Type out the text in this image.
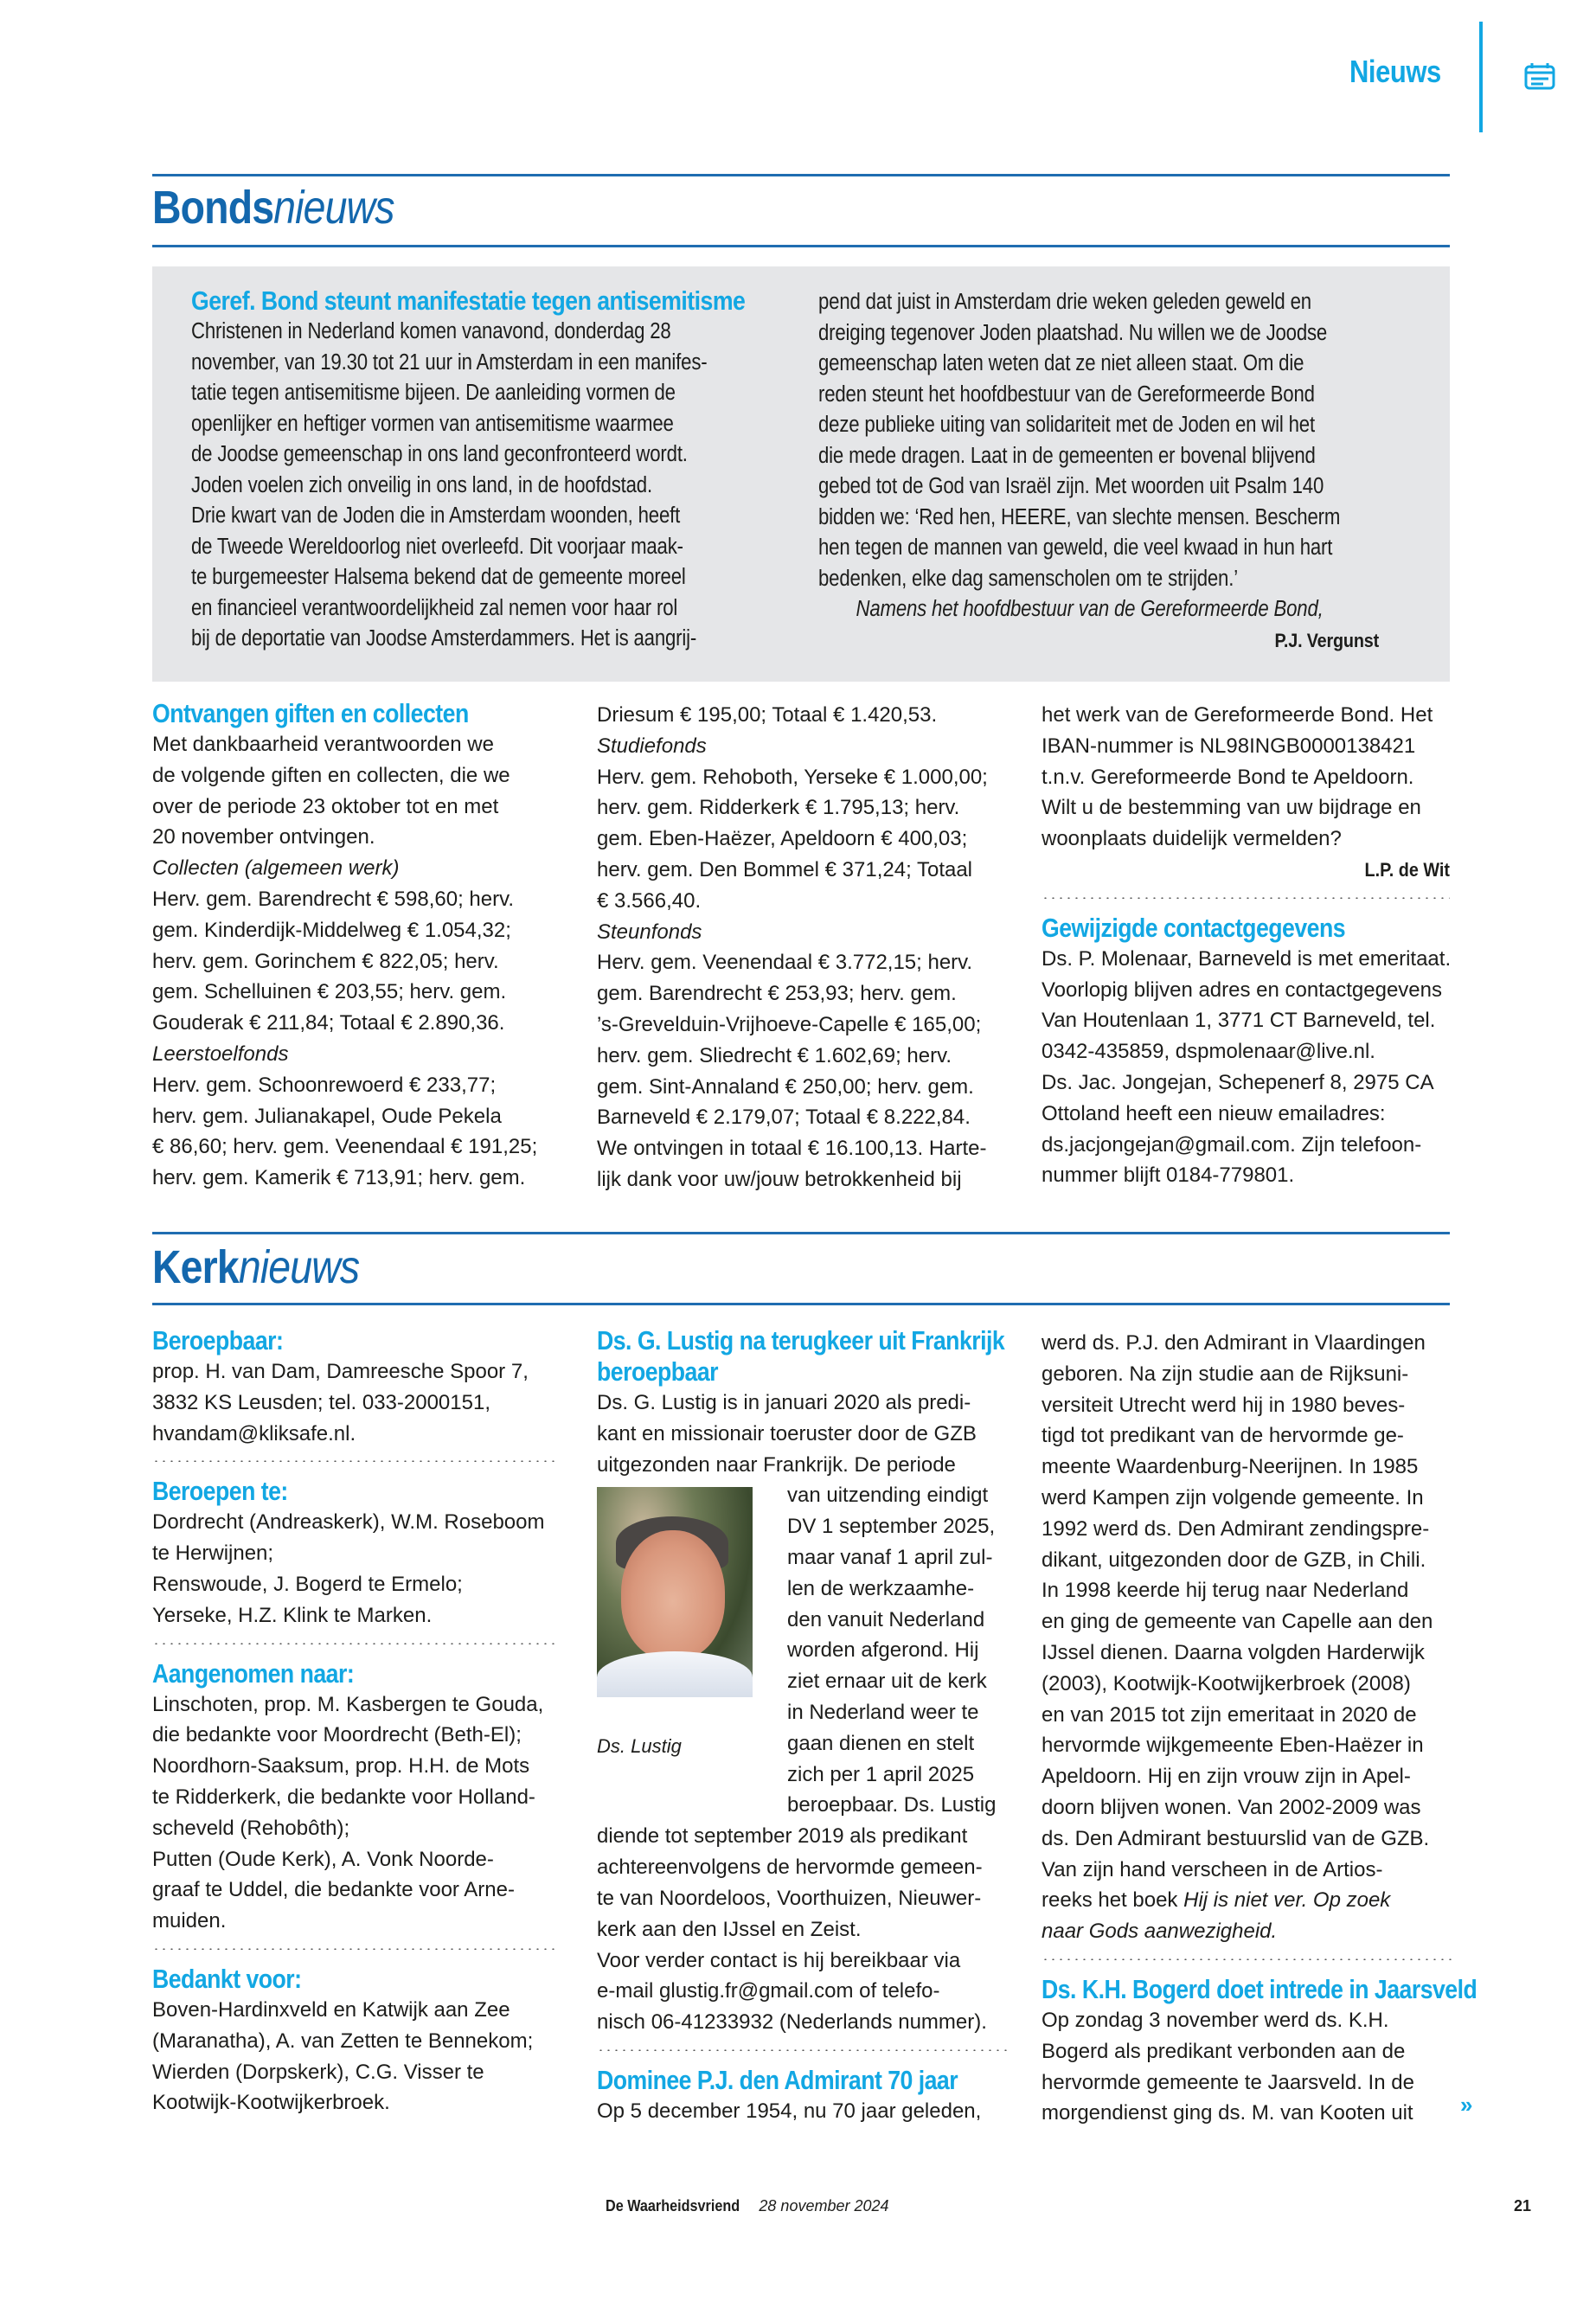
Nieuws
Bondsnieuws
Geref. Bond steunt manifestatie tegen antisemitisme

Christenen in Nederland komen vanavond, donderdag 28

november, van 19.30 tot 21 uur in Amsterdam in een manifes-

tatie tegen antisemitisme bijeen. De aanleiding vormen de

openlijker en heftiger vormen van antisemitisme waarmee

de Joodse gemeenschap in ons land geconfronteerd wordt.

Joden voelen zich onveilig in ons land, in de hoofdstad.

Drie kwart van de Joden die in Amsterdam woonden, heeft

de Tweede Wereldoorlog niet overleefd. Dit voorjaar maak-

te burgemeester Halsema bekend dat de gemeente moreel

en financieel verantwoordelijkheid zal nemen voor haar rol

bij de deportatie van Joodse Amsterdammers. Het is aangrij-

pend dat juist in Amsterdam drie weken geleden geweld en

dreiging tegenover Joden plaatshad. Nu willen we de Joodse

gemeenschap laten weten dat ze niet alleen staat. Om die

reden steunt het hoofdbestuur van de Gereformeerde Bond

deze publieke uiting van solidariteit met de Joden en wil het

die mede dragen. Laat in de gemeenten er bovenal blijvend

gebed tot de God van Israël zijn. Met woorden uit Psalm 140

bidden we: ‘Red hen, HEERE, van slechte mensen. Bescherm

hen tegen de mannen van geweld, die veel kwaad in hun hart

bedenken, elke dag samenscholen om te strijden.’

Namens het hoofdbestuur van de Gereformeerde Bond,

P.J. Vergunst
Ontvangen giften en collecten
Met dankbaarheid verantwoorden we
de volgende giften en collecten, die we
over de periode 23 oktober tot en met
20 november ontvingen.
Collecten (algemeen werk)
Herv. gem. Barendrecht € 598,60; herv.
gem. Kinderdijk-Middelweg € 1.054,32;
herv. gem. Gorinchem € 822,05; herv.
gem. Schelluinen € 203,55; herv. gem.
Gouderak € 211,84; Totaal € 2.890,36.
Leerstoelfonds
Herv. gem. Schoonrewoerd € 233,77;
herv. gem. Julianakapel, Oude Pekela
€ 86,60; herv. gem. Veenendaal € 191,25;
herv. gem. Kamerik € 713,91; herv. gem.
Driesum € 195,00; Totaal € 1.420,53.
Studiefonds
Herv. gem. Rehoboth, Yerseke € 1.000,00;
herv. gem. Ridderkerk € 1.795,13; herv.
gem. Eben-Haëzer, Apeldoorn € 400,03;
herv. gem. Den Bommel € 371,24; Totaal
€ 3.566,40.
Steunfonds
Herv. gem. Veenendaal € 3.772,15; herv.
gem. Barendrecht € 253,93; herv. gem.
’s-Grevelduin-Vrijhoeve-Capelle € 165,00;
herv. gem. Sliedrecht € 1.602,69; herv.
gem. Sint-Annaland € 250,00; herv. gem.
Barneveld € 2.179,07; Totaal € 8.222,84.
We ontvingen in totaal € 16.100,13. Harte-
lijk dank voor uw/jouw betrokkenheid bij
het werk van de Gereformeerde Bond. Het
IBAN-nummer is NL98INGB0000138421
t.n.v. Gereformeerde Bond te Apeldoorn.
Wilt u de bestemming van uw bijdrage en
woonplaats duidelijk vermelden?
L.P. de Wit
Gewijzigde contactgegevens
Ds. P. Molenaar, Barneveld is met emeritaat.
Voorlopig blijven adres en contactgegevens
Van Houtenlaan 1, 3771 CT Barneveld, tel.
0342-435859, dspmolenaar@live.nl.
Ds. Jac. Jongejan, Schepenerf 8, 2975 CA
Ottoland heeft een nieuw emailadres:
ds.jacjongejan@gmail.com. Zijn telefoon-
nummer blijft 0184-779801.
Kerknieuws
Beroepbaar:
prop. H. van Dam, Damreesche Spoor 7,
3832 KS Leusden; tel. 033-2000151,
hvandam@kliksafe.nl.
Beroepen te:
Dordrecht (Andreaskerk), W.M. Roseboom
te Herwijnen;
Renswoude, J. Bogerd te Ermelo;
Yerseke, H.Z. Klink te Marken.
Aangenomen naar:
Linschoten, prop. M. Kasbergen te Gouda,
die bedankte voor Moordrecht (Beth-El);
Noordhorn-Saaksum, prop. H.H. de Mots
te Ridderkerk, die bedankte voor Holland-
scheveld (Rehobôth);
Putten (Oude Kerk), A. Vonk Noorde-
graaf te Uddel, die bedankte voor Arne-
muiden.
Bedankt voor:
Boven-Hardinxveld en Katwijk aan Zee
(Maranatha), A. van Zetten te Bennekom;
Wierden (Dorpskerk), C.G. Visser te
Kootwijk-Kootwijkerbroek.
Ds. G. Lustig na terugkeer uit Frankrijk
beroepbaar
Ds. G. Lustig is in januari 2020 als predi-
kant en missionair toeruster door de GZB
uitgezonden naar Frankrijk. De periode
Ds. Lustig
van uitzending eindigt
DV 1 september 2025,
maar vanaf 1 april zul-
len de werkzaamhe-
den vanuit Nederland
worden afgerond. Hij
ziet ernaar uit de kerk
in Nederland weer te
gaan dienen en stelt
zich per 1 april 2025
beroepbaar. Ds. Lustig
diende tot september 2019 als predikant
achtereenvolgens de hervormde gemeen-
te van Noordeloos, Voorthuizen, Nieuwer-
kerk aan den IJssel en Zeist.
Voor verder contact is hij bereikbaar via
e-mail glustig.fr@gmail.com of telefo-
nisch 06-41233932 (Nederlands nummer).
Dominee P.J. den Admirant 70 jaar
Op 5 december 1954, nu 70 jaar geleden,
werd ds. P.J. den Admirant in Vlaardingen
geboren. Na zijn studie aan de Rijksuni-
versiteit Utrecht werd hij in 1980 beves-
tigd tot predikant van de hervormde ge-
meente Waardenburg-Neerijnen. In 1985
werd Kampen zijn volgende gemeente. In
1992 werd ds. Den Admirant zendingspre-
dikant, uitgezonden door de GZB, in Chili.
In 1998 keerde hij terug naar Nederland
en ging de gemeente van Capelle aan den
IJssel dienen. Daarna volgden Harderwijk
(2003), Kootwijk-Kootwijkerbroek (2008)
en van 2015 tot zijn emeritaat in 2020 de
hervormde wijkgemeente Eben-Haëzer in
Apeldoorn. Hij en zijn vrouw zijn in Apel-
doorn blijven wonen. Van 2002-2009 was
ds. Den Admirant bestuurslid van de GZB.
Van zijn hand verscheen in de Artios-
reeks het boek Hij is niet ver. Op zoek
naar Gods aanwezigheid.
Ds. K.H. Bogerd doet intrede in Jaarsveld
Op zondag 3 november werd ds. K.H.
Bogerd als predikant verbonden aan de
hervormde gemeente te Jaarsveld. In de
morgendienst ging ds. M. van Kooten uit	»
De Waarheidsvriend 28 november 2024	21
